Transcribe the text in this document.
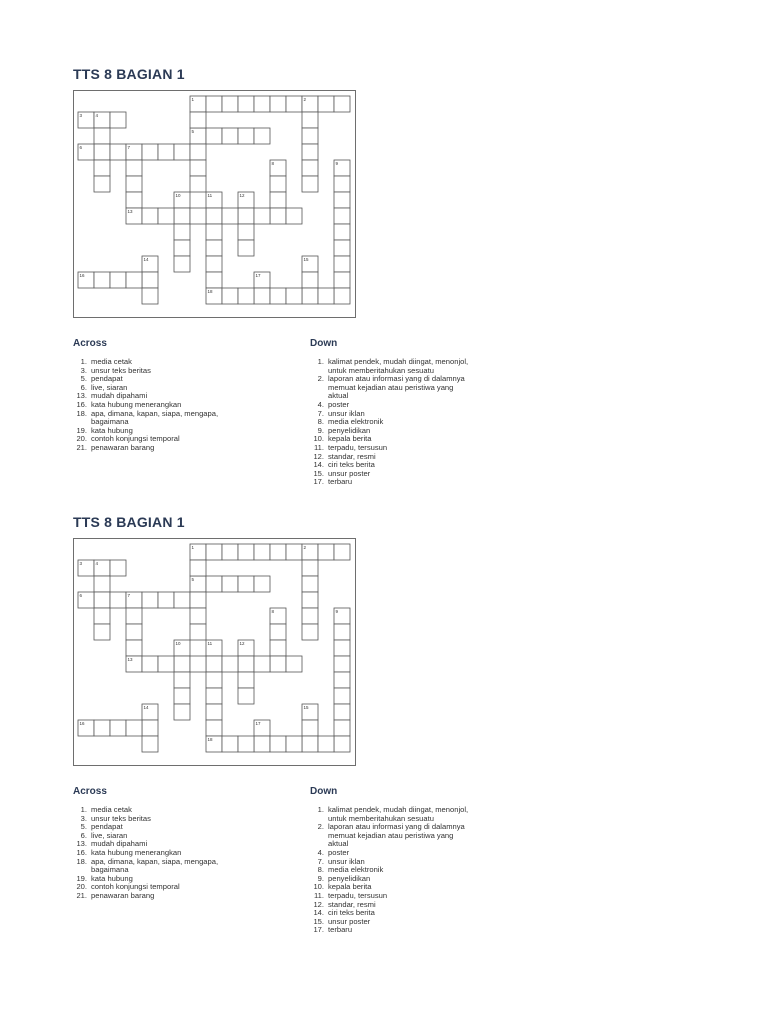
TTS 8 BAGIAN 1
1	2
3	4
5
6	7
8	9
10	11
18
12
13
14	15
16	17
Across	Down
1. media cetak
3. unsur teks beritas
5. pendapat
6. live, siaran
13. mudah dipahami
16. kata hubung menerangkan
18. apa, dimana, kapan, siapa, mengapa,
bagaimana
19. kata hubung
20. contoh konjungsi temporal
21. penawaran barang
1. kalimat pendek, mudah diingat, menonjol,
untuk memberitahukan sesuatu
2. laporan atau informasi yang di dalamnya
memuat kejadian atau peristiwa yang
aktual
4. poster
7. unsur iklan
8. media elektronik
9. penyelidikan
10. kepala berita
11. terpadu, tersusun
12. standar, resmi
14. ciri teks berita
15. unsur poster
17. terbaru
TTS 8 BAGIAN 1
1	2
3	4
5
6	7
8	9
10	11
18
12
13
14	15
16	17
Across	Down
1. media cetak
3. unsur teks beritas
5. pendapat
6. live, siaran
13. mudah dipahami
16. kata hubung menerangkan
18. apa, dimana, kapan, siapa, mengapa,
bagaimana
19. kata hubung
20. contoh konjungsi temporal
21. penawaran barang
1. kalimat pendek, mudah diingat, menonjol,
untuk memberitahukan sesuatu
2. laporan atau informasi yang di dalamnya
memuat kejadian atau peristiwa yang
aktual
4. poster
7. unsur iklan
8. media elektronik
9. penyelidikan
10. kepala berita
11. terpadu, tersusun
12. standar, resmi
14. ciri teks berita
15. unsur poster
17. terbaru
